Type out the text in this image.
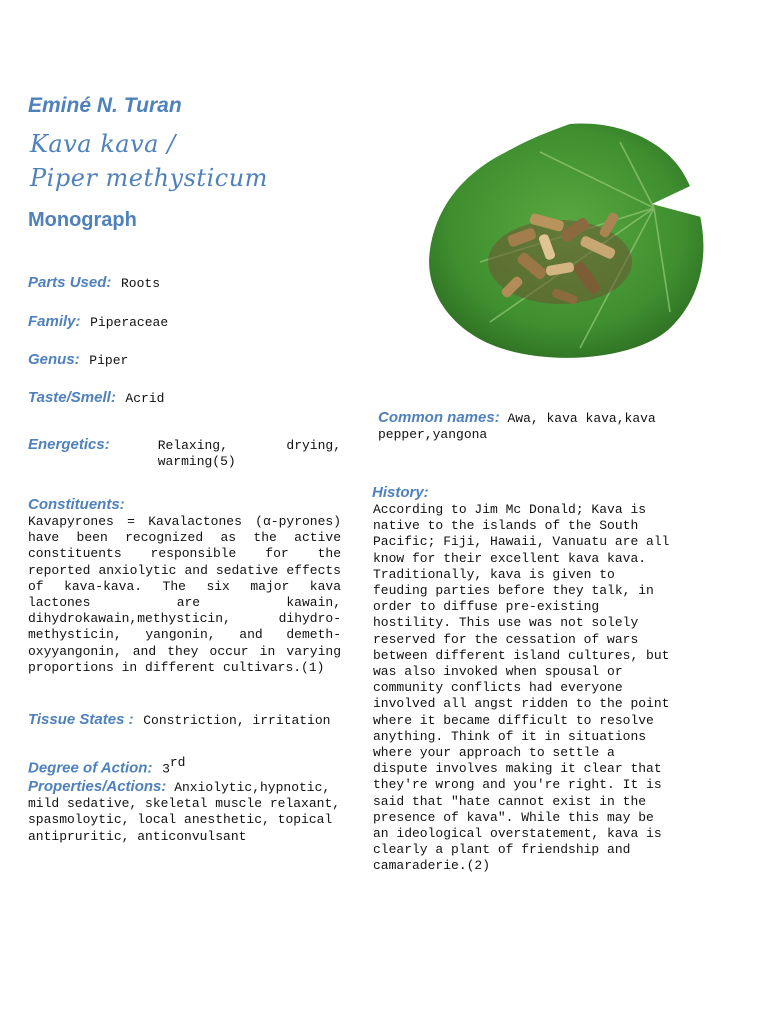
Eminé N. Turan
Kava kava /
Piper methysticum
Monograph
Parts Used: Roots
Family: Piperaceae
Genus: Piper
Taste/Smell: Acrid
Energetics:	Relaxing, drying, warming(5)
Constituents:
Kavapyrones = Kavalactones (α-pyrones) have been recognized as the active constituents responsible for the reported anxiolytic and sedative effects of kava-kava. The six major kava lactones are kawain, dihydrokawain,methysticin, dihydro-methysticin, yangonin, and demeth-oxyyangonin, and they occur in varying proportions in different cultivars.(1)
Tissue States : Constriction, irritation
Degree of Action: 3rd
Properties/Actions: Anxiolytic,hypnotic, mild sedative, skeletal muscle relaxant, spasmoloytic, local anesthetic, topical antipruritic, anticonvulsant
Common names: Awa, kava kava,kava pepper,yangona
History:
According to Jim Mc Donald; Kava is native to the islands of the South Pacific; Fiji, Hawaii, Vanuatu are all know for their excellent kava kava. Traditionally, kava is given to feuding parties before they talk, in order to diffuse pre-existing hostility. This use was not solely reserved for the cessation of wars between different island cultures, but was also invoked when spousal or community conflicts had everyone involved all angst ridden to the point where it became difficult to resolve anything. Think of it in situations where your approach to settle a dispute involves making it clear that they're wrong and you're right. It is said that "hate cannot exist in the presence of kava". While this may be an ideological overstatement, kava is clearly a plant of friendship and camaraderie.(2)
